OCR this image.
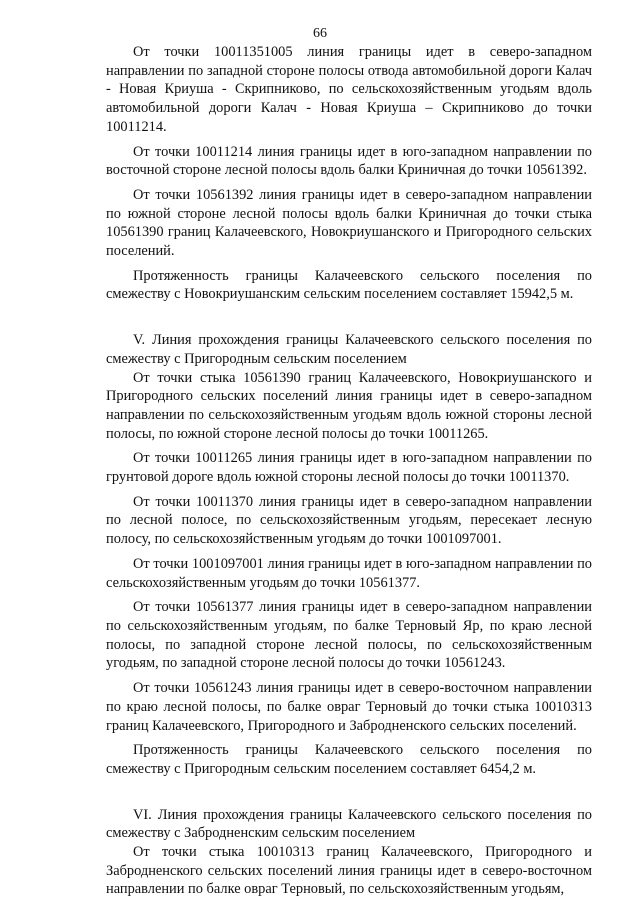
66

От точки 10011351005 линия границы идет в северо-западном направлении по западной стороне полосы отвода автомобильной дороги Калач - Новая Криуша - Скрипниково, по сельскохозяйственным угодьям вдоль автомобильной дороги Калач - Новая Криуша – Скрипниково до точки 10011214.

От точки 10011214 линия границы идет в юго-западном направлении по восточной стороне лесной полосы вдоль балки Криничная до точки 10561392.

От точки 10561392 линия границы идет в северо-западном направлении по южной стороне лесной полосы вдоль балки Криничная до точки стыка 10561390 границ Калачеевского, Новокриушанского и Пригородного сельских поселений.

Протяженность границы Калачеевского сельского поселения по смежеству с Новокриушанским сельским поселением составляет 15942,5 м.

V. Линия прохождения границы Калачеевского сельского поселения по смежеству с Пригородным сельским поселением

От точки стыка 10561390 границ Калачеевского, Новокриушанского и Пригородного сельских поселений линия границы идет в северо-западном направлении по сельскохозяйственным угодьям вдоль южной стороны лесной полосы, по южной стороне лесной полосы до точки 10011265.

От точки 10011265 линия границы идет в юго-западном направлении по грунтовой дороге вдоль южной стороны лесной полосы до точки 10011370.

От точки 10011370 линия границы идет в северо-западном направлении по лесной полосе, по сельскохозяйственным угодьям, пересекает лесную полосу, по сельскохозяйственным угодьям до точки 1001097001.

От точки 1001097001 линия границы идет в юго-западном направлении по сельскохозяйственным угодьям до точки 10561377.

От точки 10561377 линия границы идет в северо-западном направлении по сельскохозяйственным угодьям, по балке Терновый Яр, по краю лесной полосы, по западной стороне лесной полосы, по сельскохозяйственным угодьям, по западной стороне лесной полосы до точки 10561243.

От точки 10561243 линия границы идет в северо-восточном направлении по краю лесной полосы, по балке овраг Терновый до точки стыка 10010313 границ Калачеевского, Пригородного и Забродненского сельских поселений.

Протяженность границы Калачеевского сельского поселения по смежеству с Пригородным сельским поселением составляет 6454,2 м.

VI. Линия прохождения границы Калачеевского сельского поселения по смежеству с Забродненским сельским поселением

От точки стыка 10010313 границ Калачеевского, Пригородного и Забродненского сельских поселений линия границы идет в северо-восточном направлении по балке овраг Терновый, по сельскохозяйственным угодьям,
